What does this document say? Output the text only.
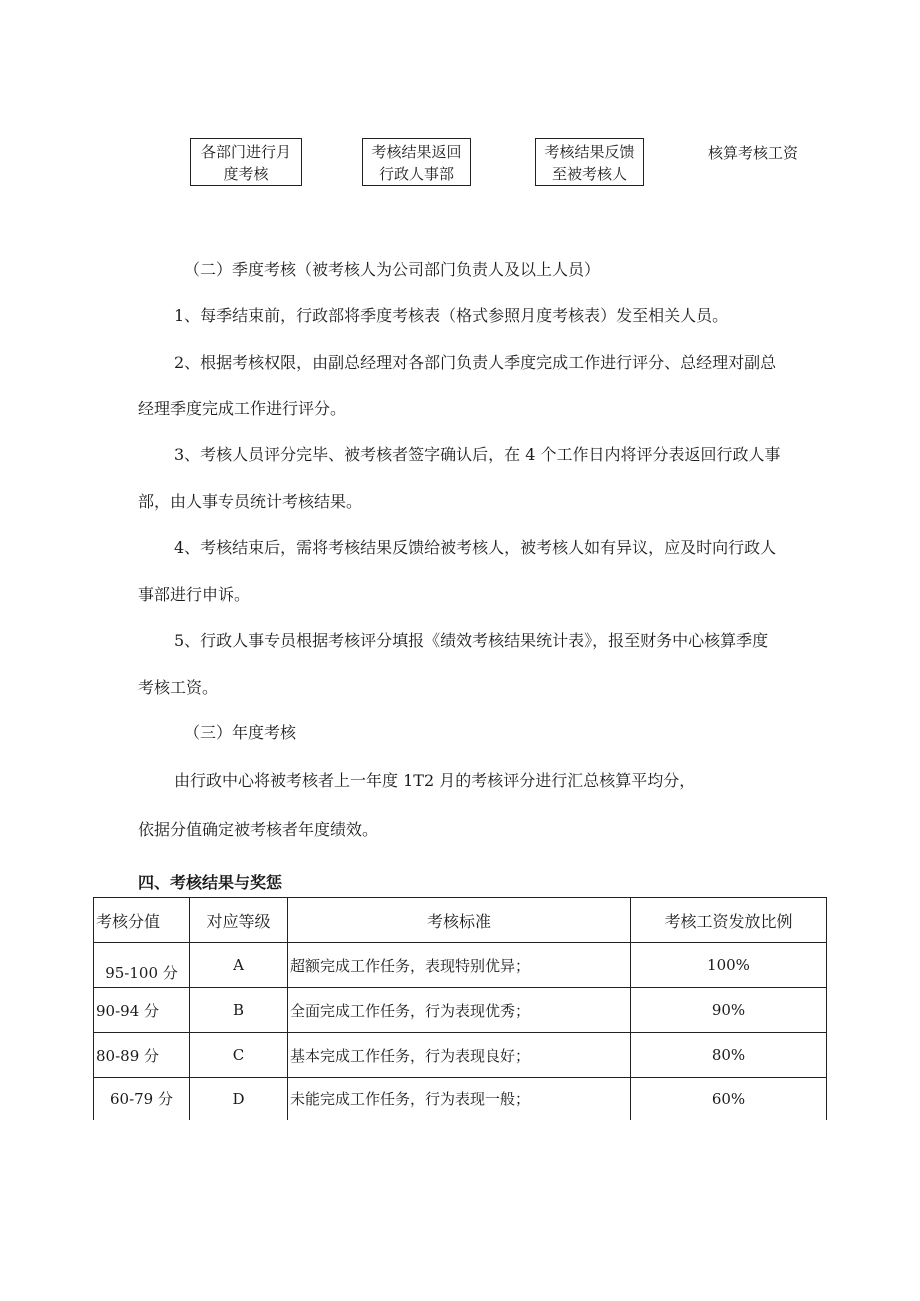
各部门进行月
度考核
考核结果返回
行政人事部
考核结果反馈
至被考核人
核算考核工资
（二）季度考核（被考核人为公司部门负责人及以上人员）
1、每季结束前，行政部将季度考核表（格式参照月度考核表）发至相关人员。
2、根据考核权限，由副总经理对各部门负责人季度完成工作进行评分、总经理对副总
经理季度完成工作进行评分。
3、考核人员评分完毕、被考核者签字确认后，在 4 个工作日内将评分表返回行政人事
部，由人事专员统计考核结果。
4、考核结束后，需将考核结果反馈给被考核人，被考核人如有异议，应及时向行政人
事部进行申诉。
5、行政人事专员根据考核评分填报《绩效考核结果统计表》，报至财务中心核算季度
考核工资。
（三）年度考核
由行政中心将被考核者上一年度 1T2 月的考核评分进行汇总核算平均分，
依据分值确定被考核者年度绩效。
四、考核结果与奖惩
考核分值	对应等级	考核标准	考核工资发放比例
95-100 分	A	超额完成工作任务，表现特别优异；	100%
90-94 分	B	全面完成工作任务，行为表现优秀；	90%
80-89 分	C	基本完成工作任务，行为表现良好；	80%
60-79 分	D	未能完成工作任务，行为表现一般；	60%
